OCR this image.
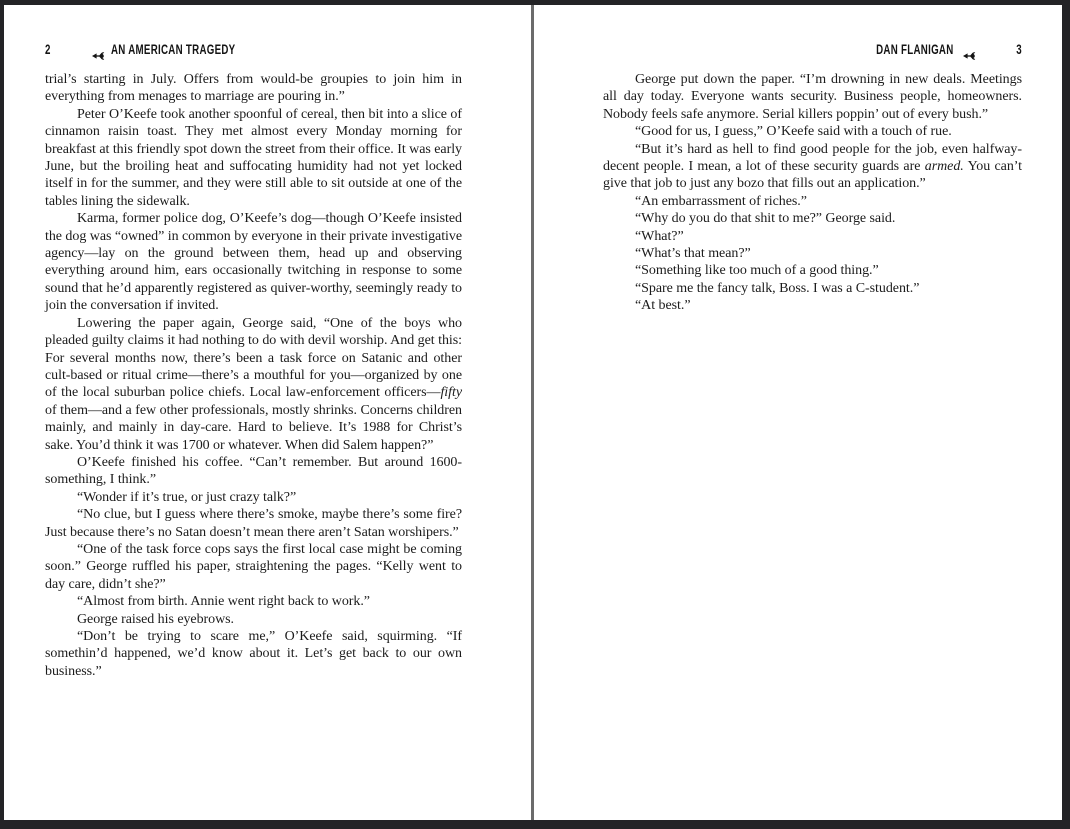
2	AN AMERICAN TRAGEDY

trial’s starting in July. Offers from would-be groupies to join him in everything from menages to marriage are pouring in.”

Peter O’Keefe took another spoonful of cereal, then bit into a slice of cinnamon raisin toast. They met almost every Monday morning for breakfast at this friendly spot down the street from their office. It was early June, but the broiling heat and suffocating humidity had not yet locked itself in for the summer, and they were still able to sit outside at one of the tables lining the sidewalk.

Karma, former police dog, O’Keefe’s dog—though O’Keefe insisted the dog was “owned” in common by everyone in their private investigative agency—lay on the ground between them, head up and observing everything around him, ears occasionally twitching in response to some sound that he’d apparently registered as quiver-worthy, seemingly ready to join the conversation if invited.

Lowering the paper again, George said, “One of the boys who pleaded guilty claims it had nothing to do with devil worship. And get this: For several months now, there’s been a task force on Satanic and other cult-based or ritual crime—there’s a mouthful for you—organized by one of the local suburban police chiefs. Local law-enforcement officers—fifty of them—and a few other professionals, mostly shrinks. Concerns children mainly, and mainly in day-care. Hard to believe. It’s 1988 for Christ’s sake. You’d think it was 1700 or whatever. When did Salem happen?”

O’Keefe finished his coffee. “Can’t remember. But around 1600-something, I think.”

“Wonder if it’s true, or just crazy talk?”

“No clue, but I guess where there’s smoke, maybe there’s some fire? Just because there’s no Satan doesn’t mean there aren’t Satan worshipers.”

“One of the task force cops says the first local case might be coming soon.” George ruffled his paper, straightening the pages. “Kelly went to day care, didn’t she?”

“Almost from birth. Annie went right back to work.”

George raised his eyebrows.

“Don’t be trying to scare me,” O’Keefe said, squirming. “If somethin’d happened, we’d know about it. Let’s get back to our own business.”

DAN FLANIGAN	3

George put down the paper. “I’m drowning in new deals. Meetings all day today. Everyone wants security. Business people, homeowners. Nobody feels safe anymore. Serial killers poppin’ out of every bush.”

“Good for us, I guess,” O’Keefe said with a touch of rue.

“But it’s hard as hell to find good people for the job, even halfway-decent people. I mean, a lot of these security guards are armed. You can’t give that job to just any bozo that fills out an application.”

“An embarrassment of riches.”

“Why do you do that shit to me?” George said.

“What?”

“What’s that mean?”

“Something like too much of a good thing.”

“Spare me the fancy talk, Boss. I was a C-student.”

“At best.”
